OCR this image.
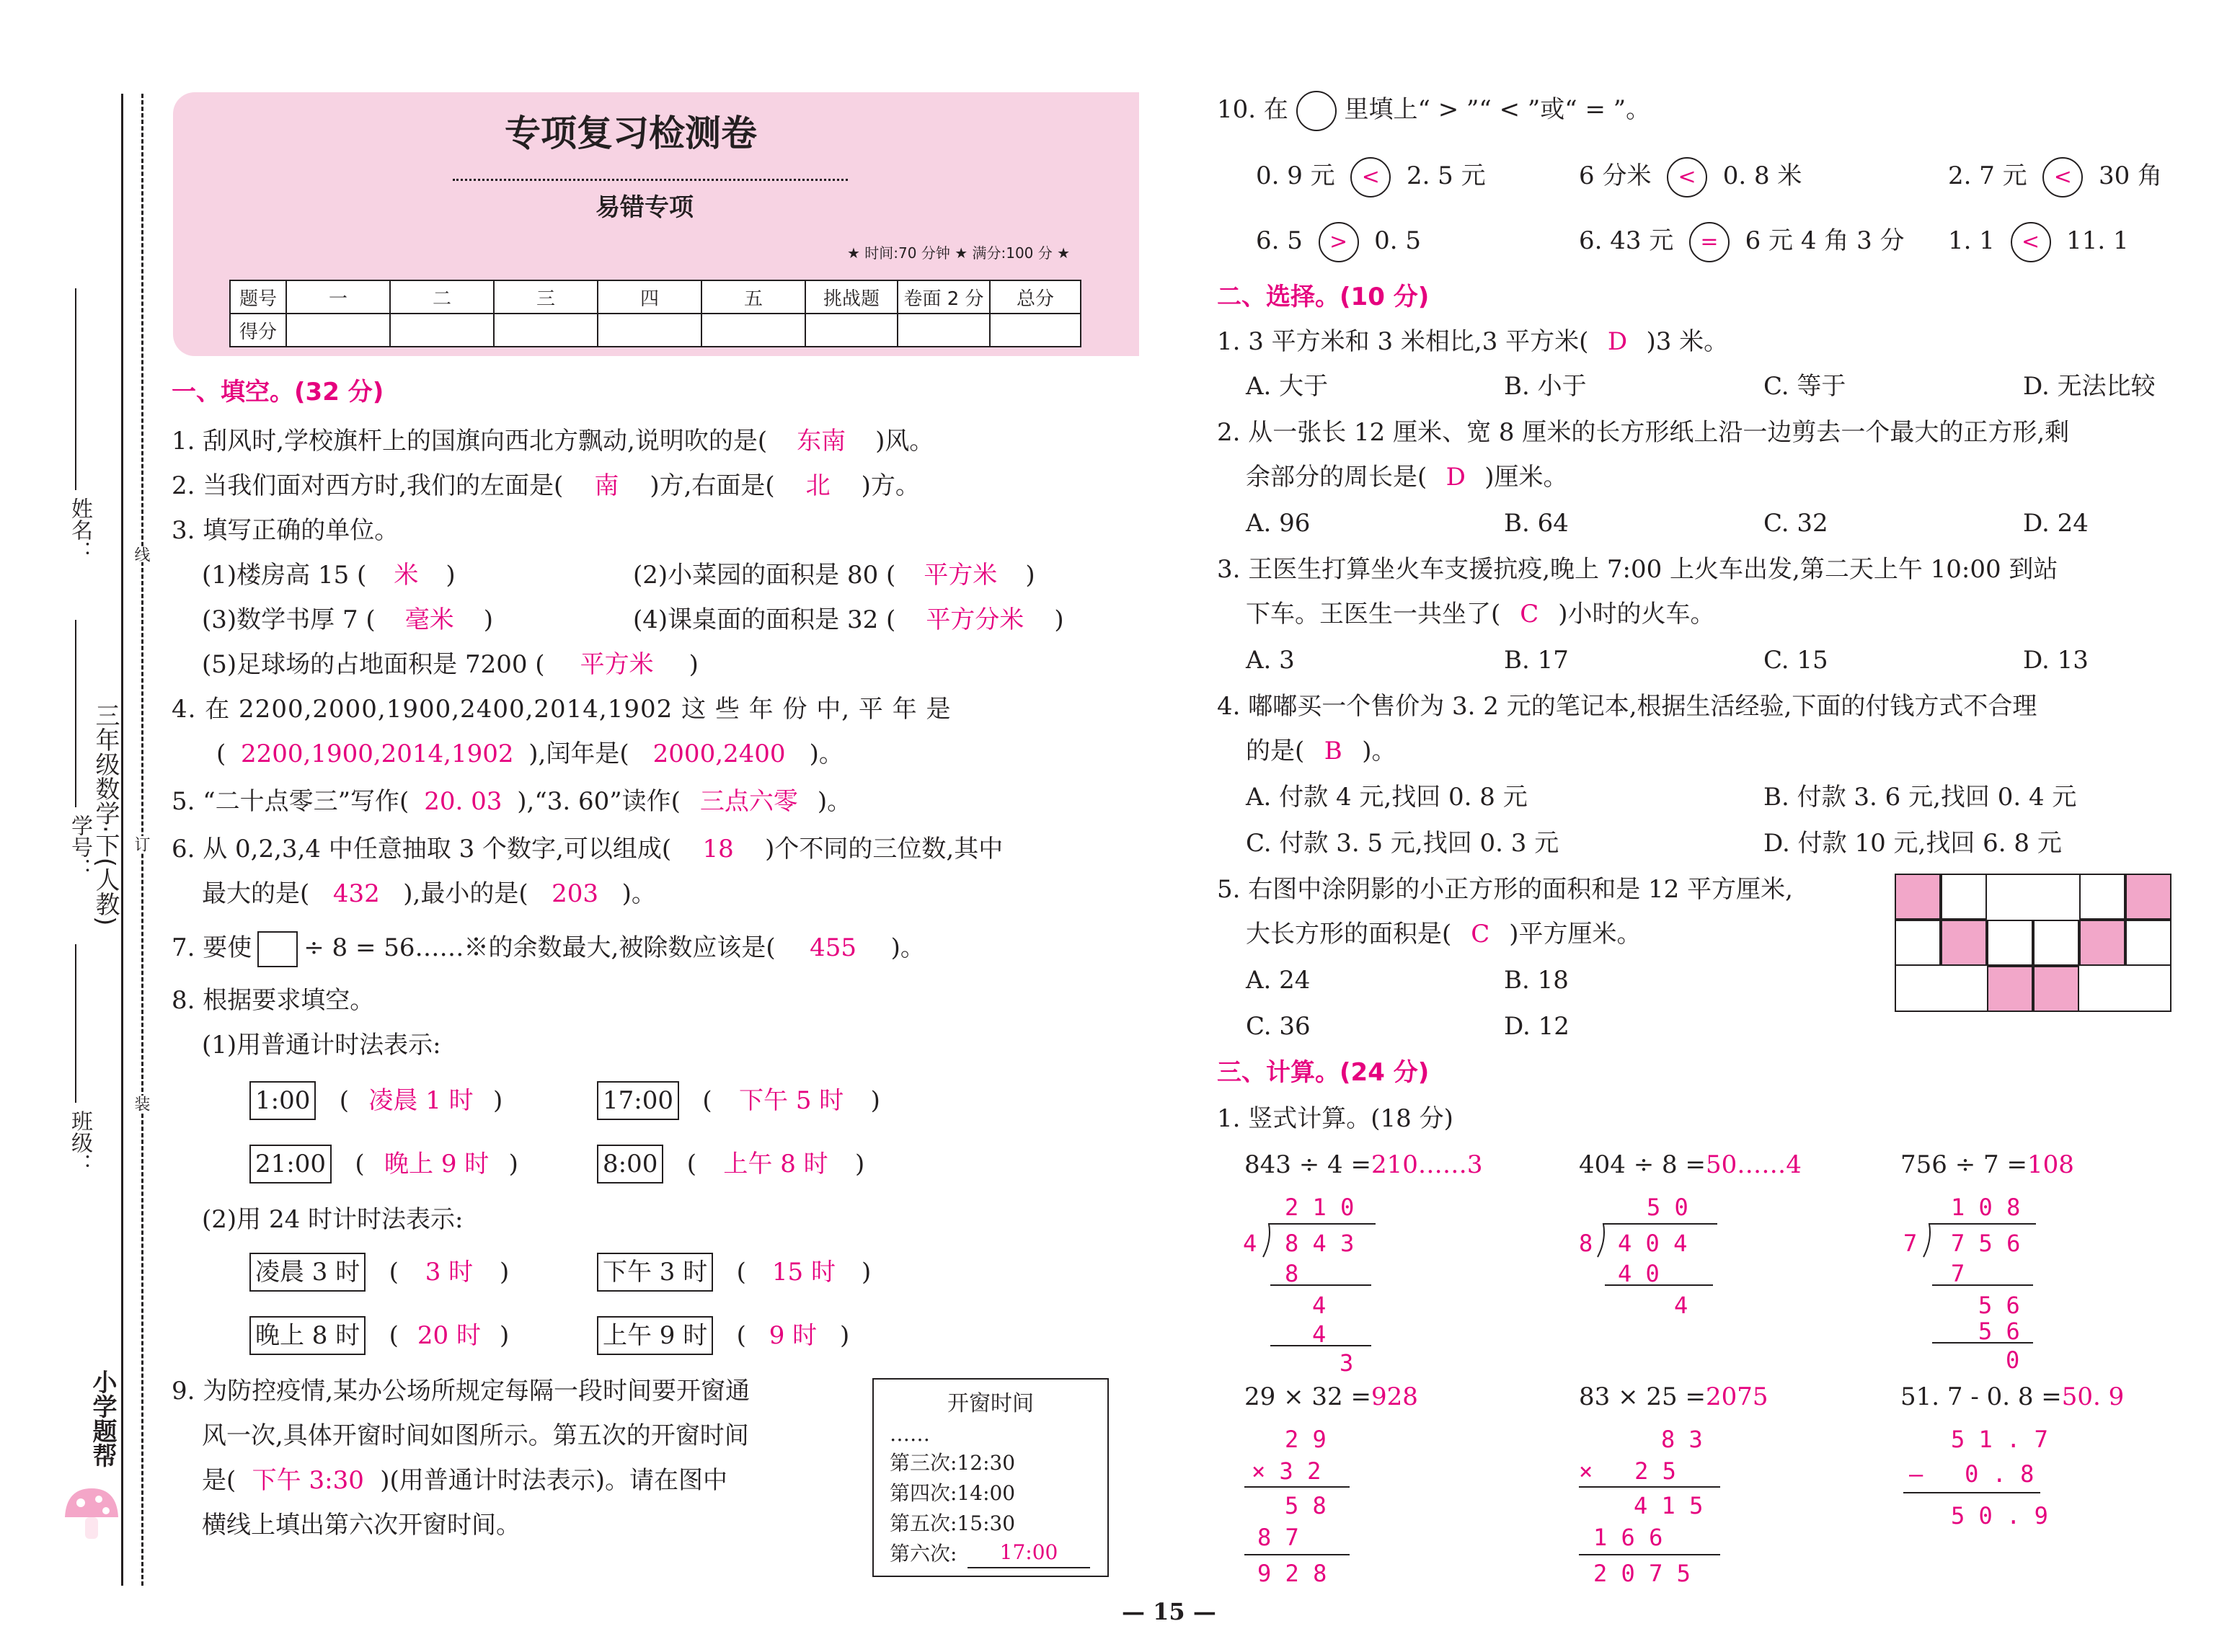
姓名：
学号：
三年级数学·下(人教)
班级：
线
订
装
小学题帮
专项复习检测卷
易错专项
★ 时间:70 分钟 ★ 满分:100 分 ★
题号	一	二	三	四	五	挑战题	卷面 2 分	总分
得分								
一、填空。(32 分)
1. 刮风时,学校旗杆上的国旗向西北方飘动,说明吹的是( 东南 )风。
2. 当我们面对西方时,我们的左面是( 南 )方,右面是( 北 )方。
3. 填写正确的单位。
(1)楼房高 15 ( 米 )	(2)小菜园的面积是 80 ( 平方米 )
(3)数学书厚 7 ( 毫米 )	(4)课桌面的面积是 32 ( 平方分米 )
(5)足球场的占地面积是 7200 ( 平方米 )
4. 在 2200,2000,1900,2400,2014,1902 这 些 年 份 中, 平 年 是
( 2200,1900,2014,1902 ),闰年是( 2000,2400 )。
5. “二十点零三”写作( 20. 03 ),“3. 60”读作( 三点六零 )。
6. 从 0,2,3,4 中任意抽取 3 个数字,可以组成( 18 )个不同的三位数,其中
最大的是( 432 ),最小的是( 203 )。
7. 要使 ÷ 8 = 56……※的余数最大,被除数应该是( 455 )。
8. 根据要求填空。
(1)用普通计时法表示:
1:00   ( 凌晨 1 时 )	17:00   ( 下午 5 时 )
21:00   ( 晚上 9 时 )	8:00   ( 上午 8 时 )
(2)用 24 时计时法表示:
凌晨 3 时   ( 3 时 )	下午 3 时   ( 15 时 )
晚上 8 时   ( 20 时 )	上午 9 时   ( 9 时 )
9. 为防控疫情,某办公场所规定每隔一段时间要开窗通
风一次,具体开窗时间如图所示。第五次的开窗时间
是( 下午 3:30 )(用普通计时法表示)。请在图中
横线上填出第六次开窗时间。
开窗时间
……
第三次:12:30
第四次:14:00
第五次:15:30
第六次:	17:00
10. 在 里填上“ > ”“ < ”或“ = ”。
0. 9 元 < 2. 5 元	6 分米 < 0. 8 米	2. 7 元 < 30 角
6. 5 > 0. 5	6. 43 元 = 6 元 4 角 3 分 1. 1 < 11. 1
二、选择。(10 分)
1. 3 平方米和 3 米相比,3 平方米( D )3 米。
A. 大于	B. 小于	C. 等于	D. 无法比较
2. 从一张长 12 厘米、宽 8 厘米的长方形纸上沿一边剪去一个最大的正方形,剩
余部分的周长是( D )厘米。
A. 96	B. 64	C. 32	D. 24
3. 王医生打算坐火车支援抗疫,晚上 7:00 上火车出发,第二天上午 10:00 到站
下车。王医生一共坐了( C )小时的火车。
A. 3	B. 17	C. 15	D. 13
4. 嘟嘟买一个售价为 3. 2 元的笔记本,根据生活经验,下面的付钱方式不合理
的是( B )。
A. 付款 4 元,找回 0. 8 元	B. 付款 3. 6 元,找回 0. 4 元
C. 付款 3. 5 元,找回 0. 3 元	D. 付款 10 元,找回 6. 8 元
5. 右图中涂阴影的小正方形的面积和是 12 平方厘米,
大长方形的面积是( C )平方厘米。
A. 24	B. 18
C. 36	D. 12
三、计算。(24 分)
1. 竖式计算。(18 分)
843 ÷ 4 =210……3	404 ÷ 8 =50……4	756 ÷ 7 =108
2 1 0
4 8 4 3
8
4
4
3
5 0
8 4 0 4
4 0
4
1 0 8
7 7 5 6
7
5 6
5 6
0
29 × 32 =928	83 × 25 =2075	51. 7 - 0. 8 =50. 9
2 9
× 3 2
5 8
8 7
9 2 8
8 3
×   2 5
4 1 5
1 6 6
2 0 7 5
5 1 . 7
—   0 . 8
5 0 . 9
— 15 —
